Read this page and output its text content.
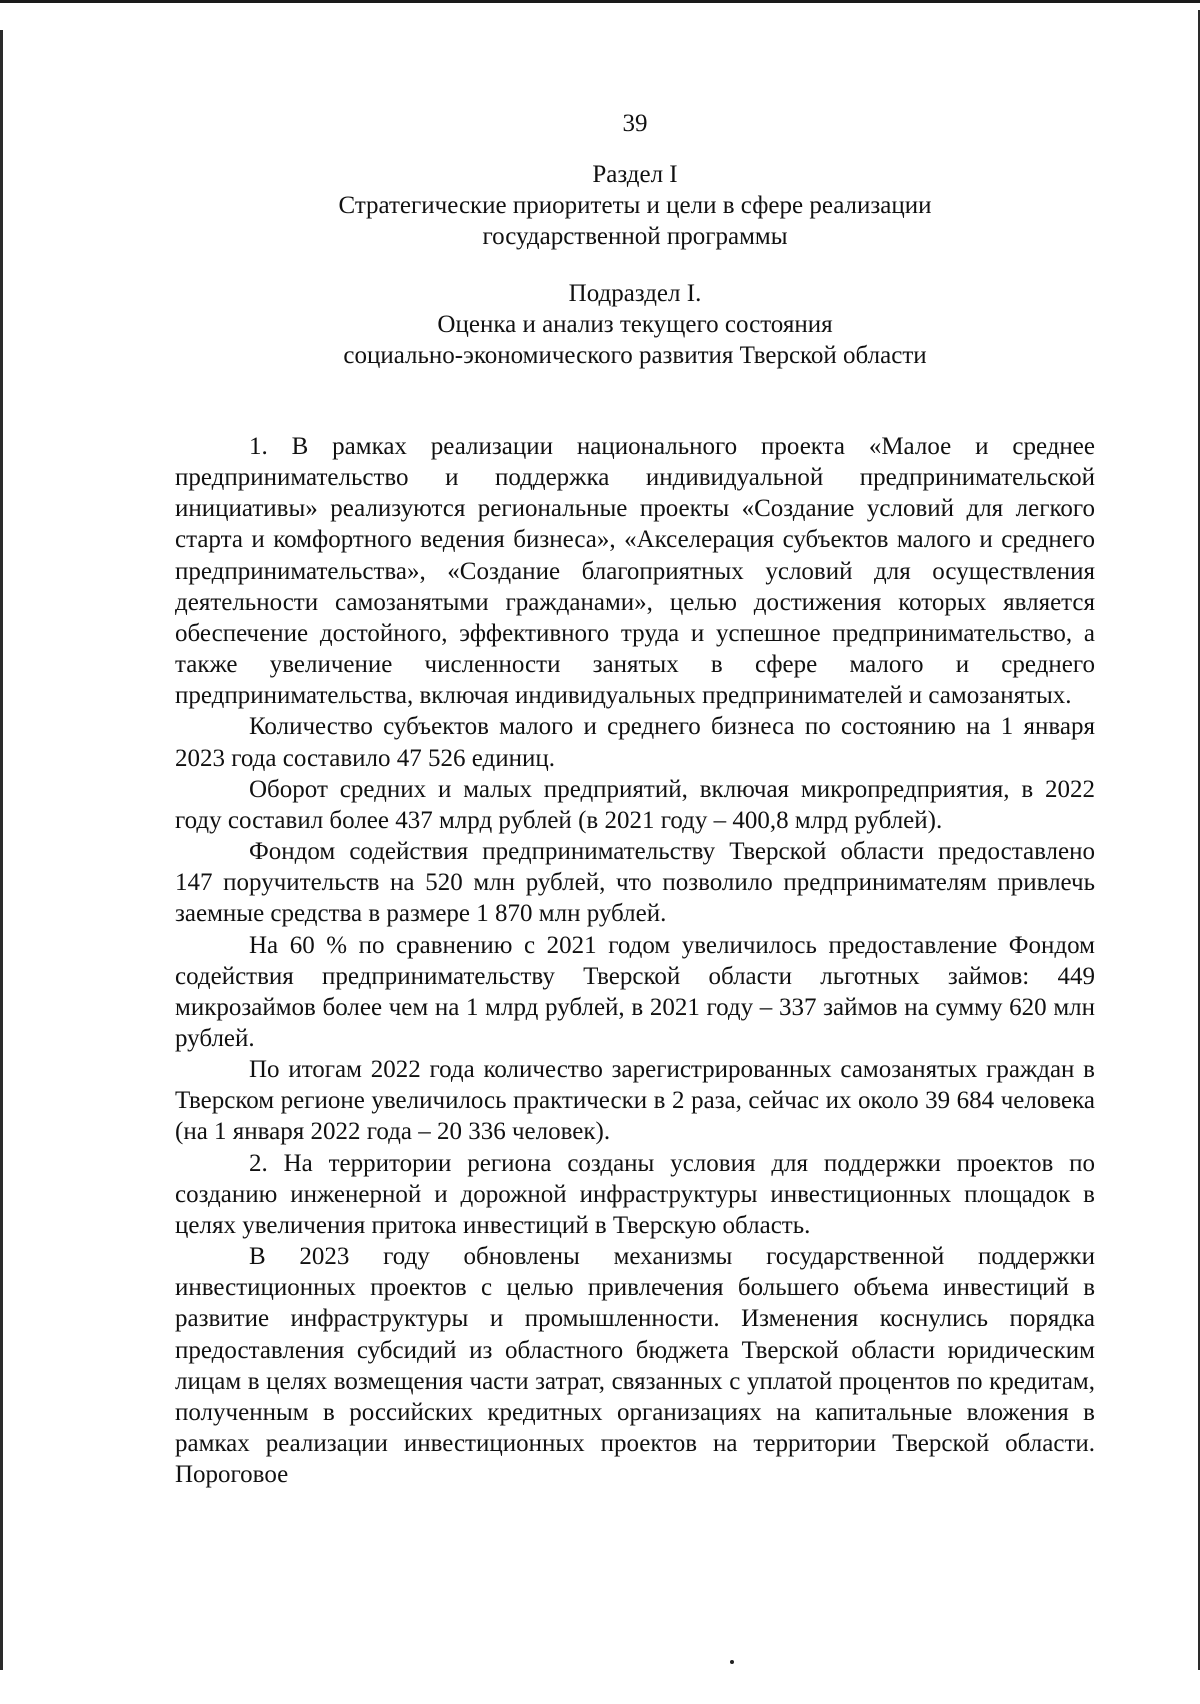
39
Раздел I
Стратегические приоритеты и цели в сфере реализации
государственной программы
Подраздел I.
Оценка и анализ текущего состояния
социально-экономического развития Тверской области

1. В рамках реализации национального проекта «Малое и среднее предпринимательство и поддержка индивидуальной предпринимательской инициативы» реализуются региональные проекты «Создание условий для легкого старта и комфортного ведения бизнеса», «Акселерация субъектов малого и среднего предпринимательства», «Создание благоприятных условий для осуществления деятельности самозанятыми гражданами», целью достижения которых является обеспечение достойного, эффективного труда и успешное предпринимательство, а также увеличение численности занятых в сфере малого и среднего предпринимательства, включая индивидуальных предпринимателей и самозанятых.

Количество субъектов малого и среднего бизнеса по состоянию на 1 января 2023 года составило 47 526 единиц.

Оборот средних и малых предприятий, включая микропредприятия, в 2022 году составил более 437 млрд рублей (в 2021 году – 400,8 млрд рублей).

Фондом содействия предпринимательству Тверской области предоставлено 147 поручительств на 520 млн рублей, что позволило предпринимателям привлечь заемные средства в размере 1 870 млн рублей.

На 60 % по сравнению с 2021 годом увеличилось предоставление Фондом содействия предпринимательству Тверской области льготных займов: 449 микрозаймов более чем на 1 млрд рублей, в 2021 году – 337 займов на сумму 620 млн рублей.

По итогам 2022 года количество зарегистрированных самозанятых граждан в Тверском регионе увеличилось практически в 2 раза, сейчас их около 39 684 человека (на 1 января 2022 года – 20 336 человек).

2. На территории региона созданы условия для поддержки проектов по созданию инженерной и дорожной инфраструктуры инвестиционных площадок в целях увеличения притока инвестиций в Тверскую область.

В 2023 году обновлены механизмы государственной поддержки инвестиционных проектов с целью привлечения большего объема инвестиций в развитие инфраструктуры и промышленности. Изменения коснулись порядка предоставления субсидий из областного бюджета Тверской области юридическим лицам в целях возмещения части затрат, связанных с уплатой процентов по кредитам, полученным в российских кредитных организациях на капитальные вложения в рамках реализации инвестиционных проектов на территории Тверской области. Пороговое
